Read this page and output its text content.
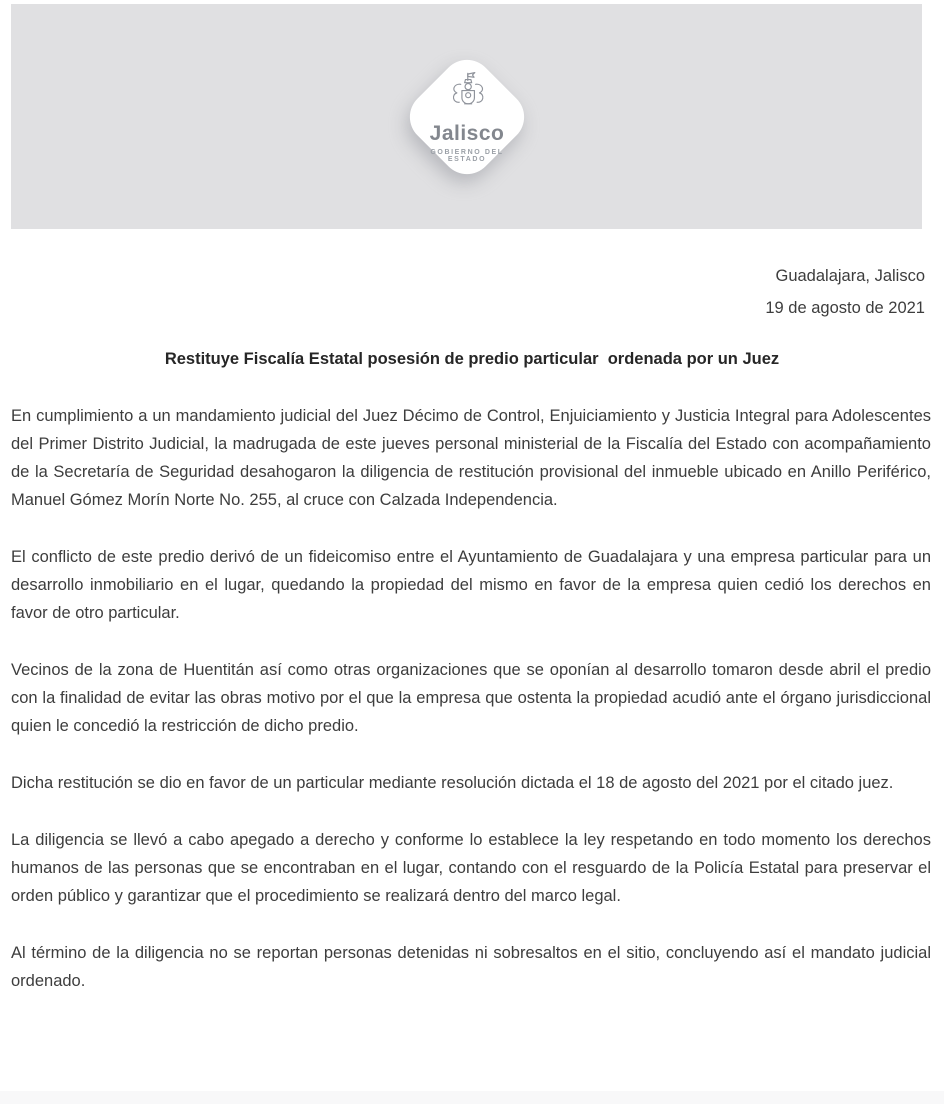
Jalisco
GOBIERNO DEL ESTADO
Guadalajara, Jalisco
19 de agosto de 2021
Restituye Fiscalía Estatal posesión de predio particular  ordenada por un Juez

En cumplimiento a un mandamiento judicial del Juez Décimo de Control, Enjuiciamiento y Justicia Integral para Adolescentes del Primer Distrito Judicial, la madrugada de este jueves personal ministerial de la Fiscalía del Estado con acompañamiento de la Secretaría de Seguridad desahogaron la diligencia de restitución provisional del inmueble ubicado en Anillo Periférico, Manuel Gómez Morín Norte No. 255, al cruce con Calzada Independencia.

El conflicto de este predio derivó de un fideicomiso entre el Ayuntamiento de Guadalajara y una empresa particular para un desarrollo inmobiliario en el lugar, quedando la propiedad del mismo en favor de la empresa quien cedió los derechos en favor de otro particular.

Vecinos de la zona de Huentitán así como otras organizaciones que se oponían al desarrollo tomaron desde abril el predio con la finalidad de evitar las obras motivo por el que la empresa que ostenta la propiedad acudió ante el órgano jurisdiccional quien le concedió la restricción de dicho predio.

Dicha restitución se dio en favor de un particular mediante resolución dictada el 18 de agosto del 2021 por el citado juez.

La diligencia se llevó a cabo apegado a derecho y conforme lo establece la ley respetando en todo momento los derechos humanos de las personas que se encontraban en el lugar, contando con el resguardo de la Policía Estatal para preservar el orden público y garantizar que el procedimiento se realizará dentro del marco legal.

Al término de la diligencia no se reportan personas detenidas ni sobresaltos en el sitio, concluyendo así el mandato judicial ordenado.
